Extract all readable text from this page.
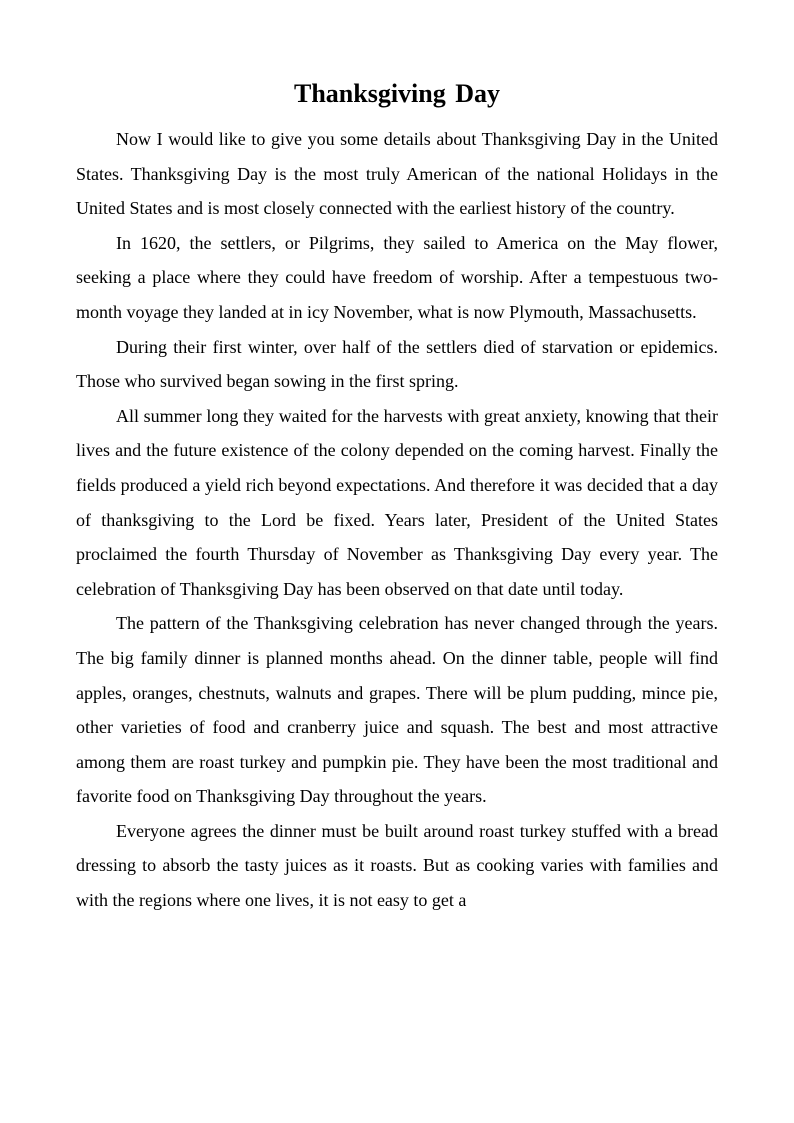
Thanksgiving Day

Now I would like to give you some details about Thanksgiving Day in the United States. Thanksgiving Day is the most truly American of the national Holidays in the United States and is most closely connected with the earliest history of the country.

In 1620, the settlers, or Pilgrims, they sailed to America on the May flower, seeking a place where they could have freedom of worship. After a tempestuous two-month voyage they landed at in icy November, what is now Plymouth, Massachusetts.

During their first winter, over half of the settlers died of starvation or epidemics. Those who survived began sowing in the first spring.

All summer long they waited for the harvests with great anxiety, knowing that their lives and the future existence of the colony depended on the coming harvest. Finally the fields produced a yield rich beyond expectations. And therefore it was decided that a day of thanksgiving to the Lord be fixed. Years later, President of the United States proclaimed the fourth Thursday of November as Thanksgiving Day every year. The celebration of Thanksgiving Day has been observed on that date until today.

The pattern of the Thanksgiving celebration has never changed through the years. The big family dinner is planned months ahead. On the dinner table, people will find apples, oranges, chestnuts, walnuts and grapes. There will be plum pudding, mince pie, other varieties of food and cranberry juice and squash. The best and most attractive among them are roast turkey and pumpkin pie. They have been the most traditional and favorite food on Thanksgiving Day throughout the years.

Everyone agrees the dinner must be built around roast turkey stuffed with a bread dressing to absorb the tasty juices as it roasts. But as cooking varies with families and with the regions where one lives, it is not easy to get a
